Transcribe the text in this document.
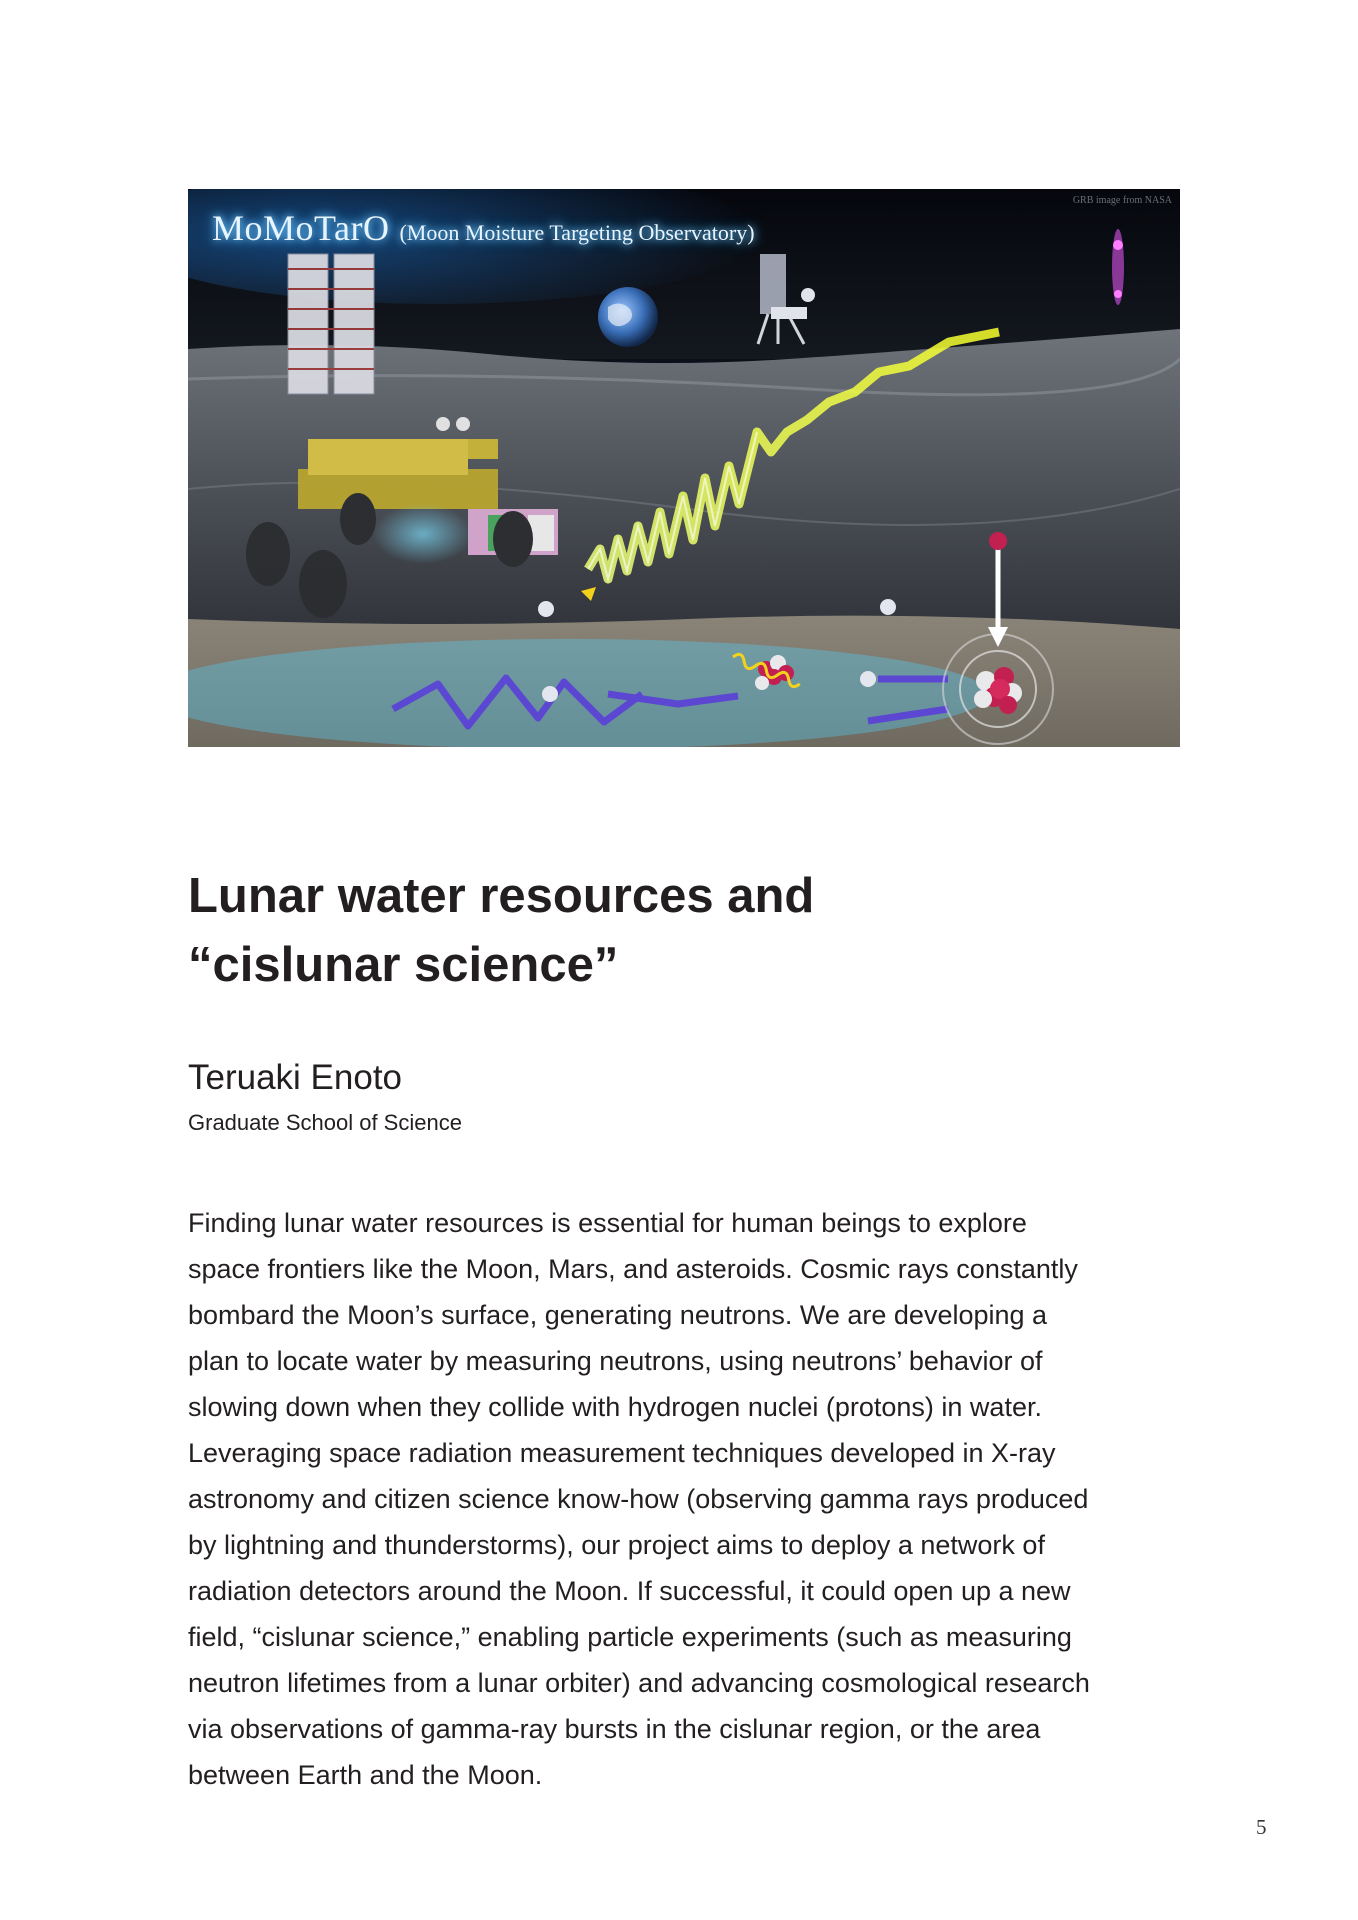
MoMoTarO (Moon Moisture Targeting Observatory)
GRB image from NASA
Lunar water resources and
“cislunar science”
Teruaki Enoto

Graduate School of Science

Finding lunar water resources is essential for human beings to explore
space frontiers like the Moon, Mars, and asteroids. Cosmic rays constantly
bombard the Moon’s surface, generating neutrons. We are developing a
plan to locate water by measuring neutrons, using neutrons’ behavior of
slowing down when they collide with hydrogen nuclei (protons) in water.
Leveraging space radiation measurement techniques developed in X-ray
astronomy and citizen science know-how (observing gamma rays produced
by lightning and thunderstorms), our project aims to deploy a network of
radiation detectors around the Moon. If successful, it could open up a new
field, “cislunar science,” enabling particle experiments (such as measuring
neutron lifetimes from a lunar orbiter) and advancing cosmological research
via observations of gamma-ray bursts in the cislunar region, or the area
between Earth and the Moon.
5
